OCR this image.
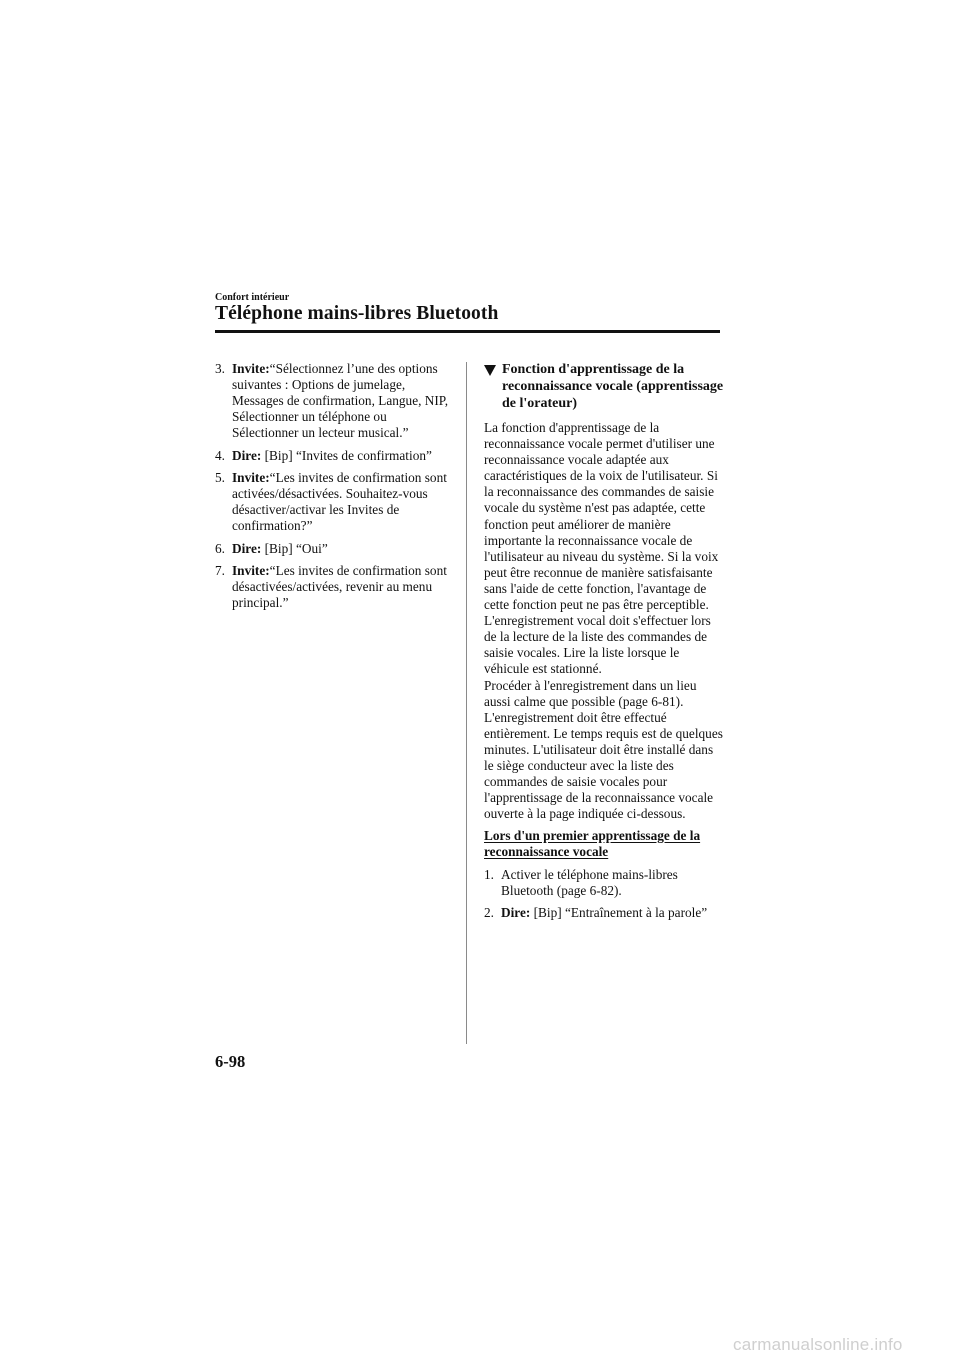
Confort intérieur
Téléphone mains-libres Bluetooth
3. Invite:“Sélectionnez l’une des options suivantes : Options de jumelage, Messages de confirmation, Langue, NIP, Sélectionner un téléphone ou Sélectionner un lecteur musical.”
4. Dire: [Bip] “Invites de confirmation”
5. Invite:“Les invites de confirmation sont activées/désactivées. Souhaitez-vous désactiver/activar les Invites de confirmation?”
6. Dire: [Bip] “Oui”
7. Invite:“Les invites de confirmation sont désactivées/activées, revenir au menu principal.”
Fonction d'apprentissage de la reconnaissance vocale (apprentissage de l'orateur)

La fonction d'apprentissage de la reconnaissance vocale permet d'utiliser une reconnaissance vocale adaptée aux caractéristiques de la voix de l'utilisateur. Si la reconnaissance des commandes de saisie vocale du système n'est pas adaptée, cette fonction peut améliorer de manière importante la reconnaissance vocale de l'utilisateur au niveau du système. Si la voix peut être reconnue de manière satisfaisante sans l'aide de cette fonction, l'avantage de cette fonction peut ne pas être perceptible.

L'enregistrement vocal doit s'effectuer lors de la lecture de la liste des commandes de saisie vocales. Lire la liste lorsque le véhicule est stationné.

Procéder à l'enregistrement dans un lieu aussi calme que possible (page 6-81). L'enregistrement doit être effectué entièrement. Le temps requis est de quelques minutes. L'utilisateur doit être installé dans le siège conducteur avec la liste des commandes de saisie vocales pour l'apprentissage de la reconnaissance vocale ouverte à la page indiquée ci-dessous.

Lors d'un premier apprentissage de la reconnaissance vocale

1. Activer le téléphone mains-libres Bluetooth (page 6-82).
2. Dire: [Bip] “Entraînement à la parole”
6-98
carmanualsonline.info
